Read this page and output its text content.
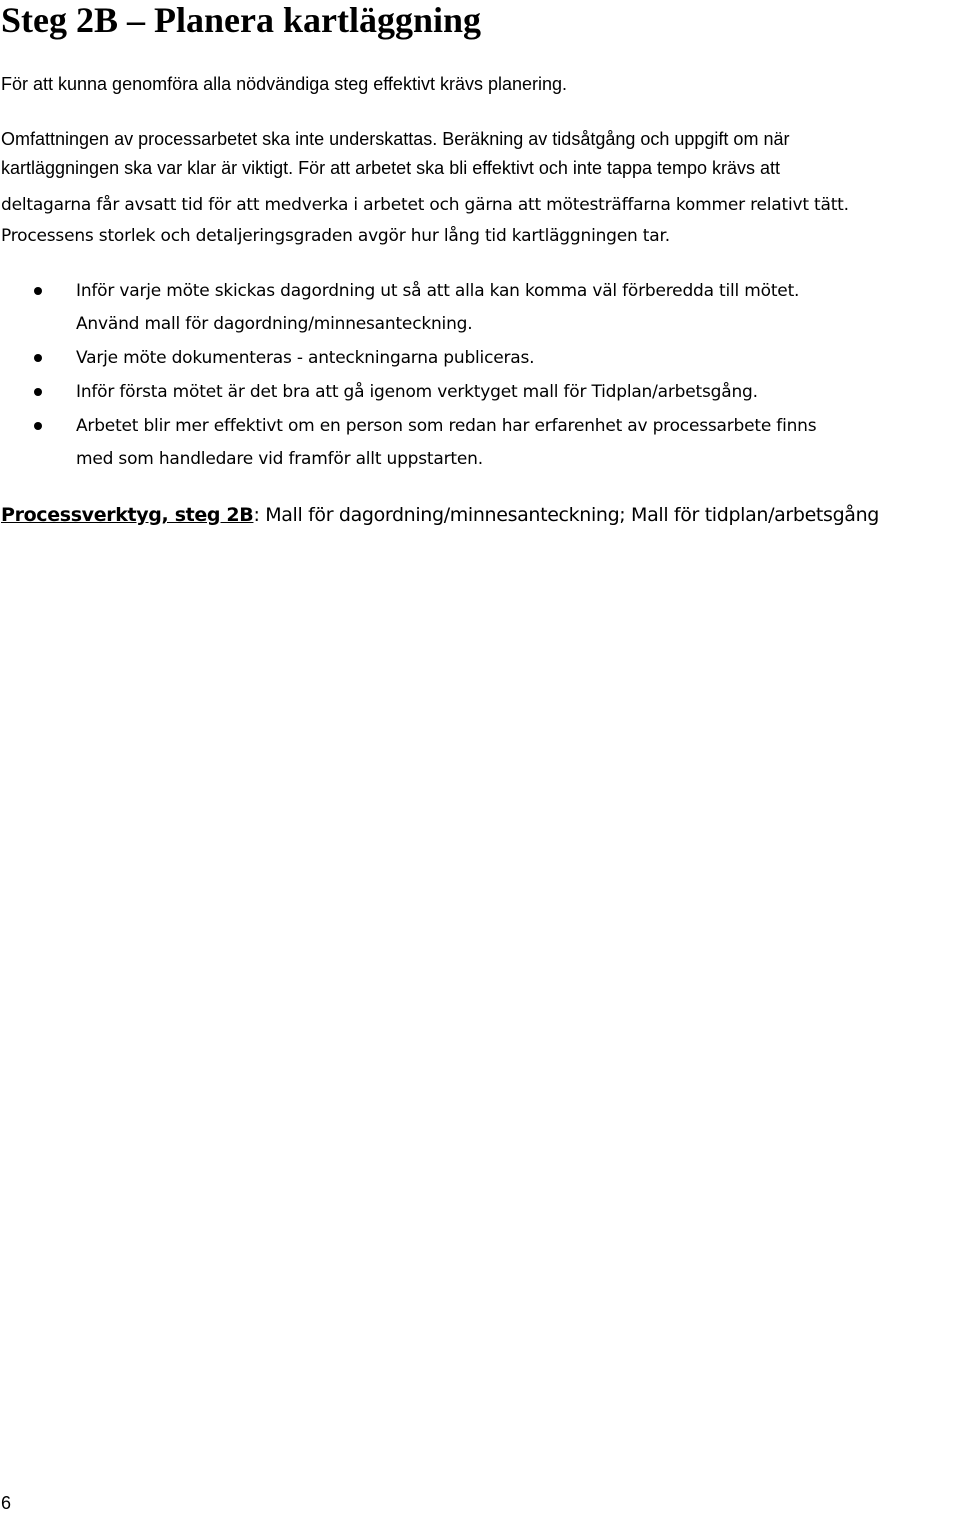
Steg 2B – Planera kartläggning

För att kunna genomföra alla nödvändiga steg effektivt krävs planering.

Omfattningen av processarbetet ska inte underskattas. Beräkning av tidsåtgång och uppgift om när

kartläggningen ska var klar är viktigt. För att arbetet ska bli effektivt och inte tappa tempo krävs att

deltagarna får avsatt tid för att medverka i arbetet och gärna att mötesträffarna kommer relativt tätt.

Processens storlek och detaljeringsgraden avgör hur lång tid kartläggningen tar.

Inför varje möte skickas dagordning ut så att alla kan komma väl förberedda till mötet.

Använd mall för dagordning/minnesanteckning.

Varje möte dokumenteras - anteckningarna publiceras.

Inför första mötet är det bra att gå igenom verktyget mall för Tidplan/arbetsgång.

Arbetet blir mer effektivt om en person som redan har erfarenhet av processarbete finns

med som handledare vid framför allt uppstarten.

Processverktyg, steg 2B: Mall för dagordning/minnesanteckning; Mall för tidplan/arbetsgång

6
